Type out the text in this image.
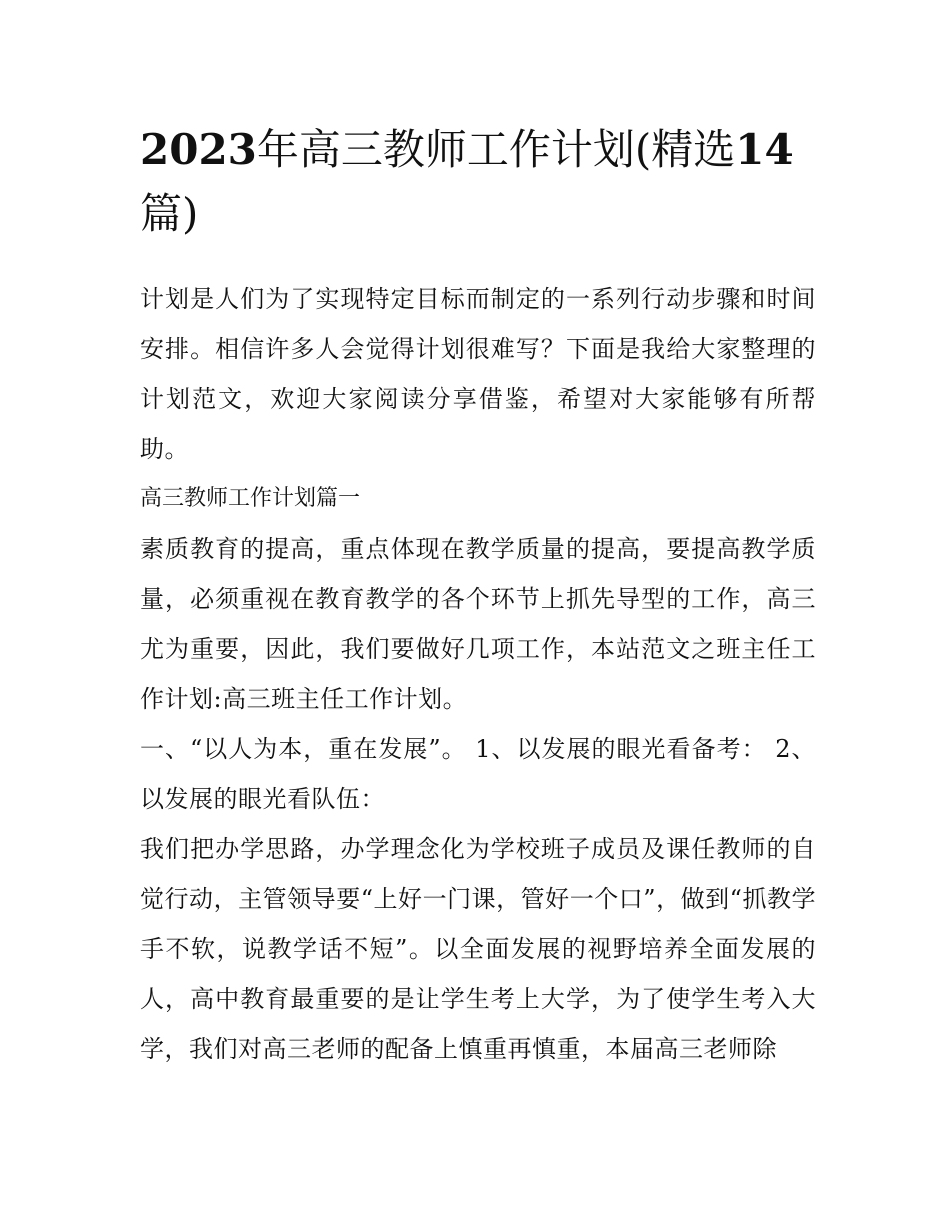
2023年高三教师工作计划(精选14篇)

计划是人们为了实现特定目标而制定的一系列行动步骤和时间安排。相信许多人会觉得计划很难写？下面是我给大家整理的计划范文，欢迎大家阅读分享借鉴，希望对大家能够有所帮助。

高三教师工作计划篇一

素质教育的提高，重点体现在教学质量的提高，要提高教学质量，必须重视在教育教学的各个环节上抓先导型的工作，高三尤为重要，因此，我们要做好几项工作，本站范文之班主任工作计划:高三班主任工作计划。

一、“以人为本，重在发展”。 1、以发展的眼光看备考： 2、以发展的眼光看队伍：

我们把办学思路，办学理念化为学校班子成员及课任教师的自觉行动，主管领导要“上好一门课，管好一个口”，做到“抓教学手不软，说教学话不短”。以全面发展的视野培养全面发展的人，高中教育最重要的是让学生考上大学，为了使学生考入大学，我们对高三老师的配备上慎重再慎重，本届高三老师除
